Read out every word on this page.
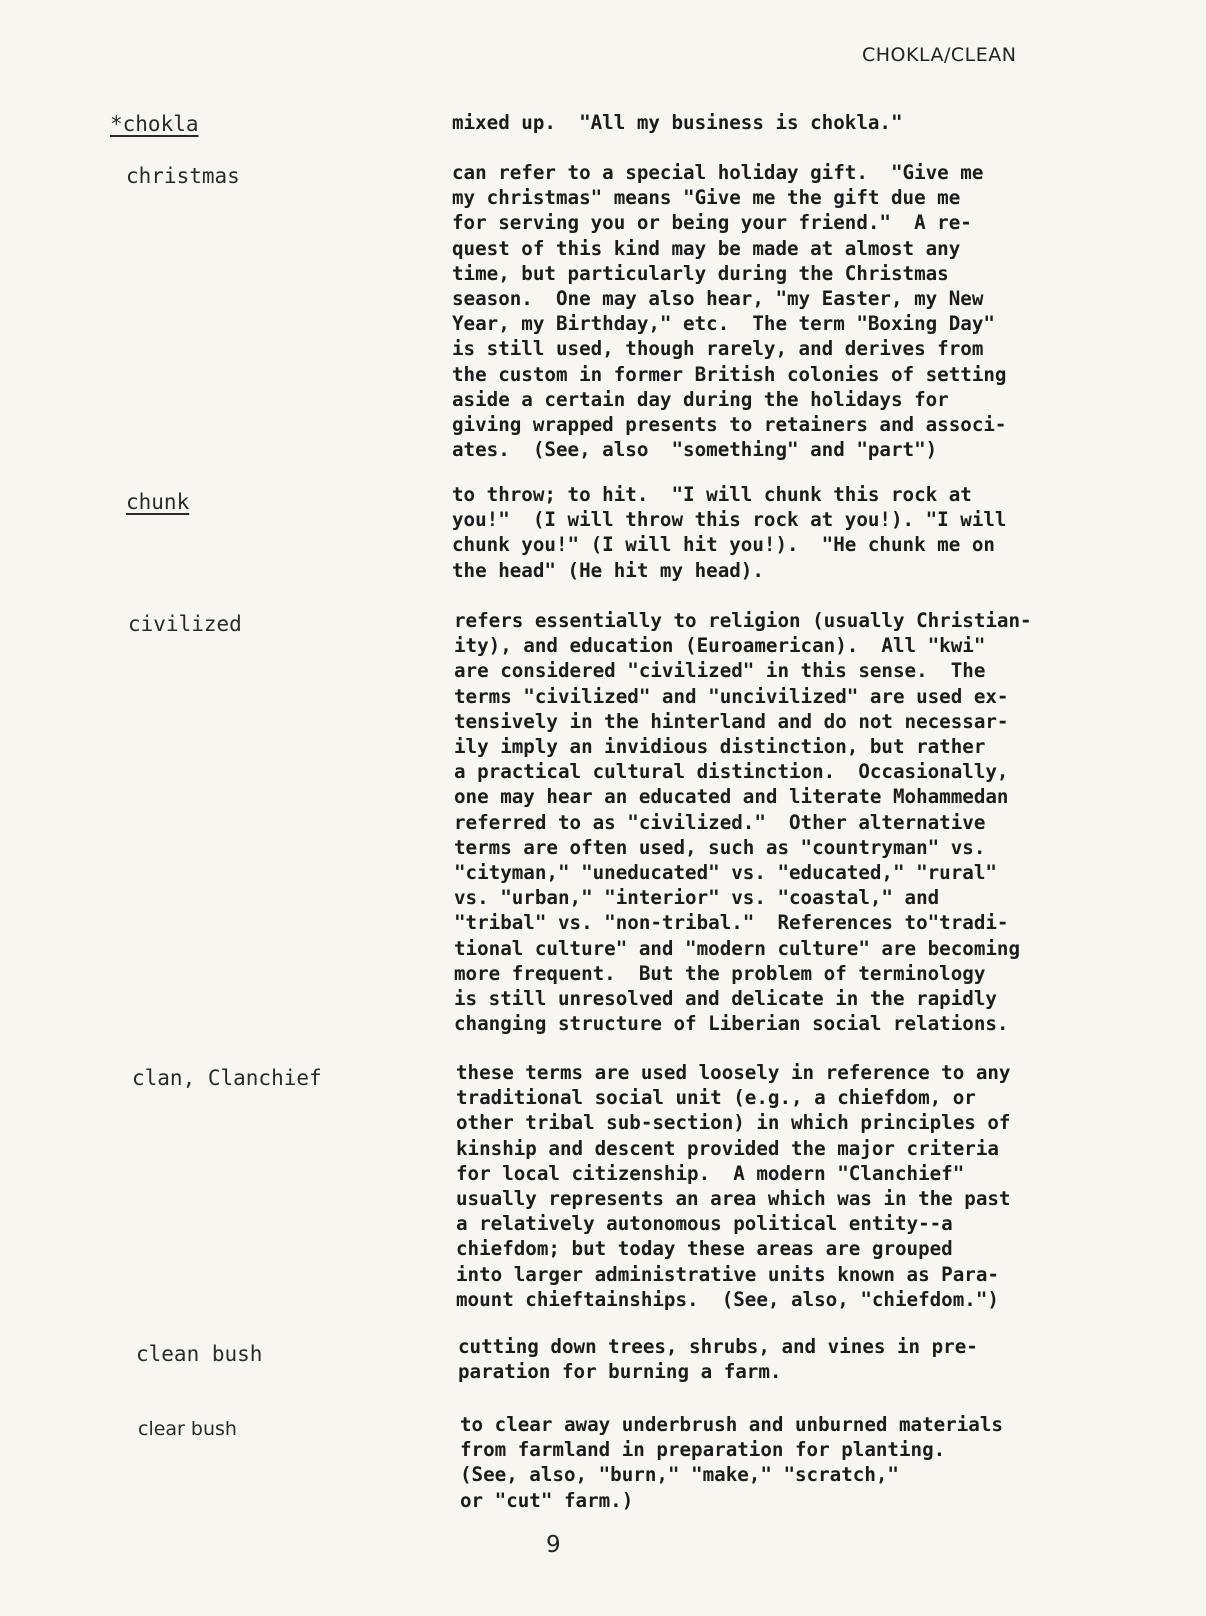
CHOKLA/CLEAN
*chokla	mixed up.  "All my business is chokla."
christmas	can refer to a special holiday gift.  "Give me
my christmas" means "Give me the gift due me
for serving you or being your friend."  A re-
quest of this kind may be made at almost any
time, but particularly during the Christmas
season.  One may also hear, "my Easter, my New
Year, my Birthday," etc.  The term "Boxing Day"
is still used, though rarely, and derives from
the custom in former British colonies of setting
aside a certain day during the holidays for
giving wrapped presents to retainers and associ-
ates.  (See, also  "something" and "part")
chunk	to throw; to hit.  "I will chunk this rock at
you!"  (I will throw this rock at you!). "I will
chunk you!" (I will hit you!).  "He chunk me on
the head" (He hit my head).
civilized	refers essentially to religion (usually Christian-
ity), and education (Euroamerican).  All "kwi"
are considered "civilized" in this sense.  The
terms "civilized" and "uncivilized" are used ex-
tensively in the hinterland and do not necessar-
ily imply an invidious distinction, but rather
a practical cultural distinction.  Occasionally,
one may hear an educated and literate Mohammedan
referred to as "civilized."  Other alternative
terms are often used, such as "countryman" vs.
"cityman," "uneducated" vs. "educated," "rural"
vs. "urban," "interior" vs. "coastal," and
"tribal" vs. "non-tribal."  References to"tradi-
tional culture" and "modern culture" are becoming
more frequent.  But the problem of terminology
is still unresolved and delicate in the rapidly
changing structure of Liberian social relations.
clan, Clanchief	these terms are used loosely in reference to any
traditional social unit (e.g., a chiefdom, or
other tribal sub-section) in which principles of
kinship and descent provided the major criteria
for local citizenship.  A modern "Clanchief"
usually represents an area which was in the past
a relatively autonomous political entity--a
chiefdom; but today these areas are grouped
into larger administrative units known as Para-
mount chieftainships.  (See, also, "chiefdom.")
clean bush	cutting down trees, shrubs, and vines in pre-
paration for burning a farm.
clear bush	to clear away underbrush and unburned materials
from farmland in preparation for planting.
(See, also, "burn," "make," "scratch,"
or "cut" farm.)
9
